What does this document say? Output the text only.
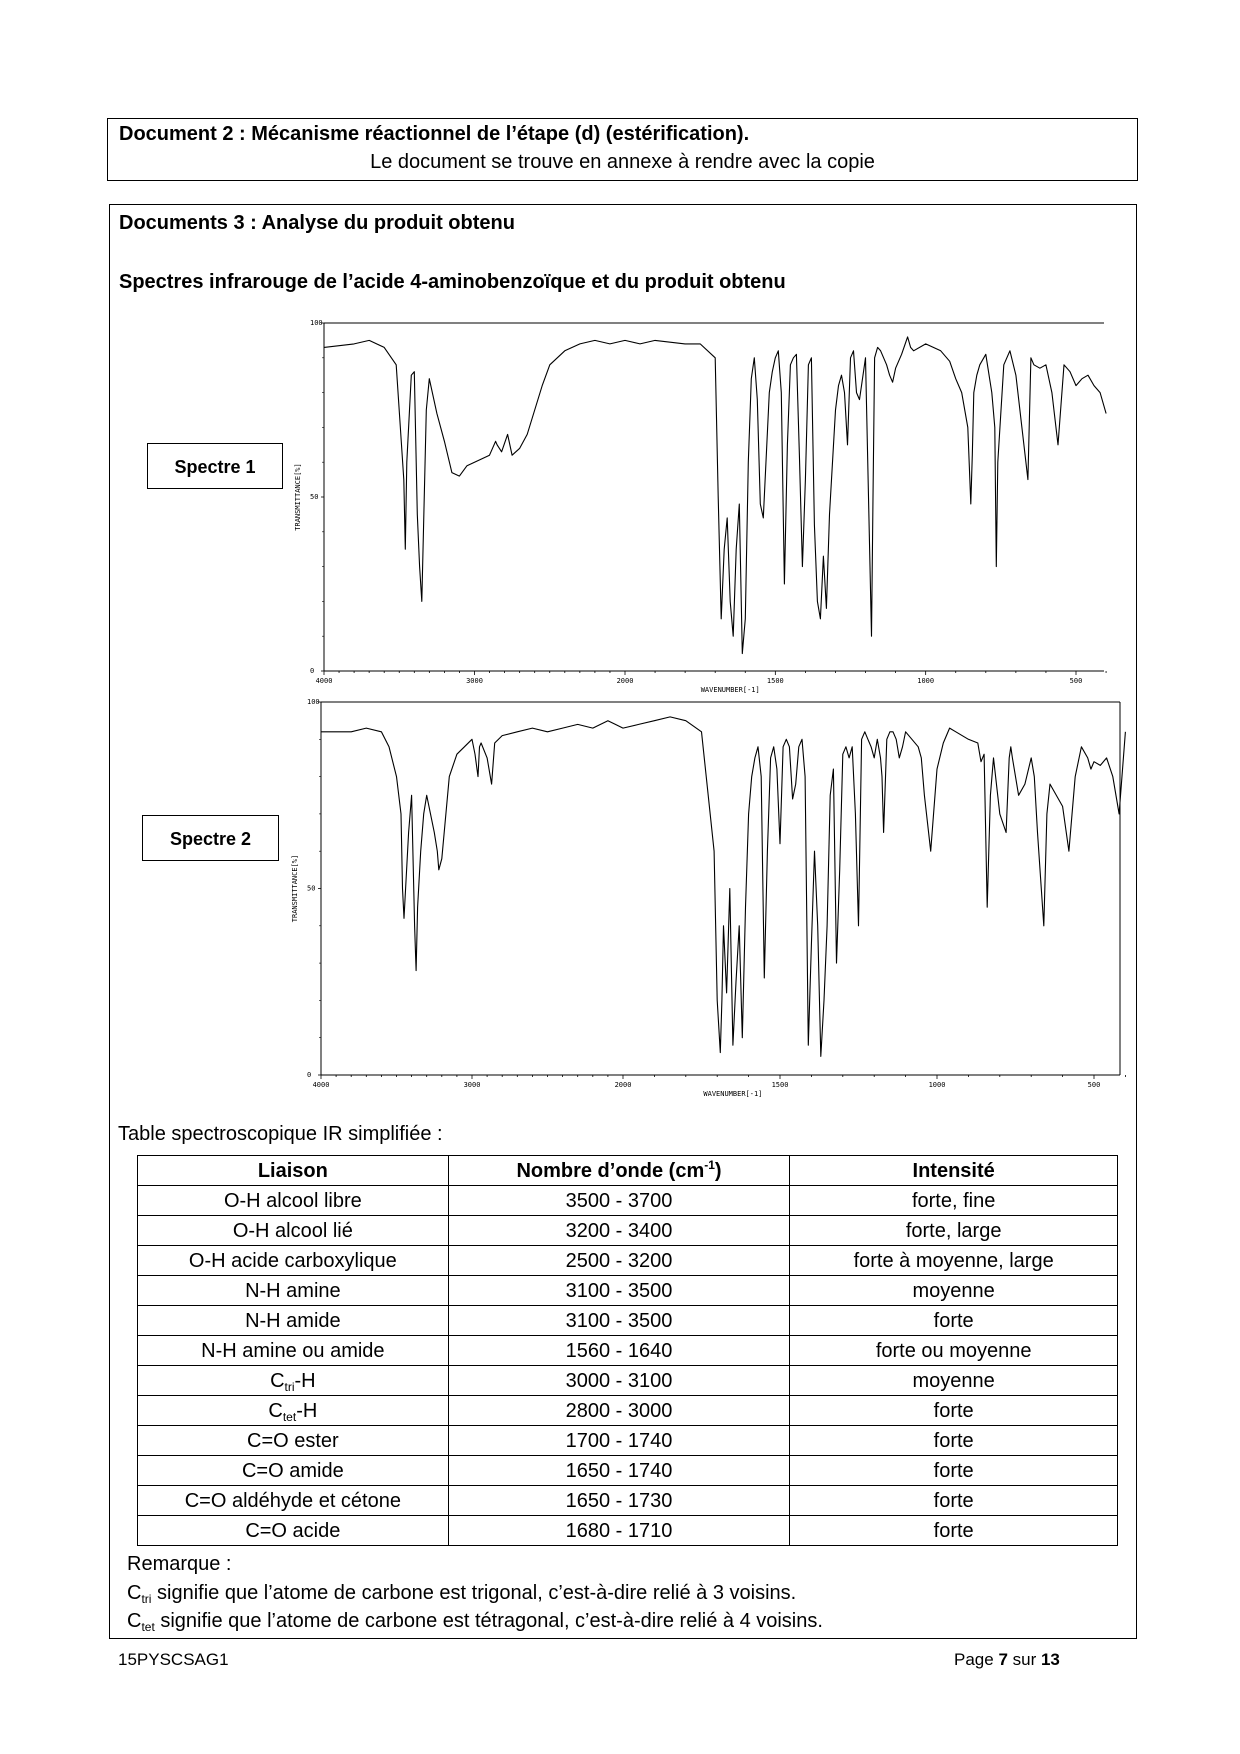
Document 2 : Mécanisme réactionnel de l’étape (d) (estérification).
Le document se trouve en annexe à rendre avec la copie
Documents 3 : Analyse du produit obtenu
Spectres infrarouge de l’acide 4-aminobenzoïque et du produit obtenu
Spectre 1
100
50
0
4000	3000	2000	1500	1000	500
WAVENUMBER[-1]
TRANSMITTANCE[%]
Spectre 2
100
50
0
4000	3000	2000	1500	1000	500
WAVENUMBER[-1]
TRANSMITTANCE[%]
Table spectroscopique IR simplifiée :
Liaison	Nombre d’onde $(cm^{-1})$	Intensité
O-H alcool libre	3500 - 3700	forte, fine
O-H alcool lié	3200 - 3400	forte, large
O-H acide carboxylique	2500 - 3200	forte à moyenne, large
N-H amine	3100 - 3500	moyenne
N-H amide	3100 - 3500	forte
N-H amine ou amide	1560 - 1640	forte ou moyenne
$C_{tri}-H$	3000 - 3100	moyenne
$C_{tet}-H$	2800 - 3000	forte
C=O ester	1700 - 1740	forte
C=O amide	1650 - 1740	forte
C=O aldéhyde et cétone	1650 - 1730	forte
C=O acide	1680 - 1710	forte
Remarque :
$C_{tri}$ signifie que l’atome de carbone est trigonal, c’est-à-dire relié à 3 voisins.
$C_{tet}$ signifie que l’atome de carbone est tétragonal, c’est-à-dire relié à 4 voisins.
15PYSCSAG1	Page 7 sur 13
